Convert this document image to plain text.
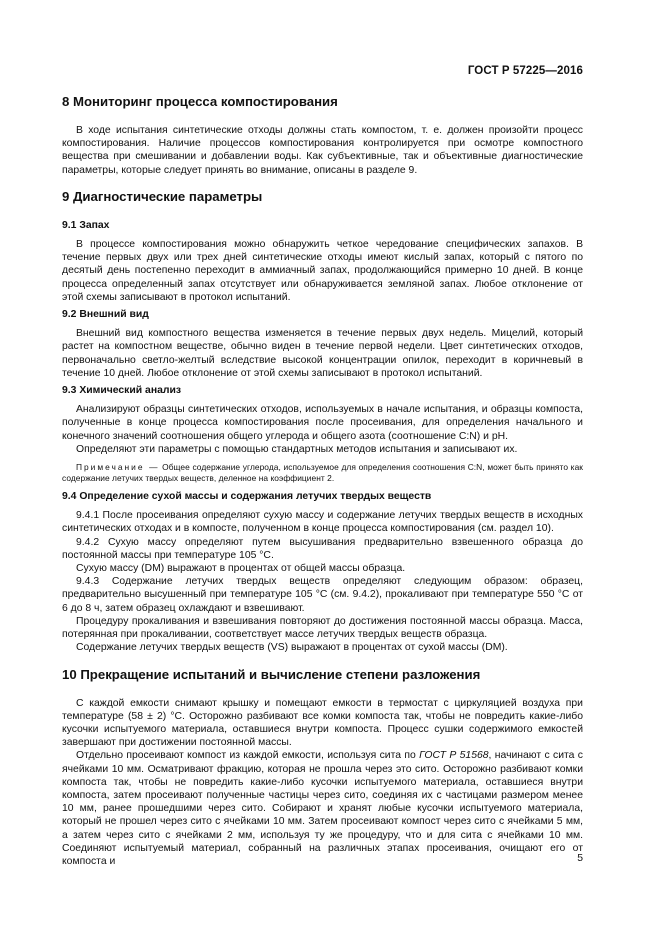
ГОСТ Р 57225—2016
8 Мониторинг процесса компостирования

В ходе испытания синтетические отходы должны стать компостом, т. е. должен произойти процесс компостирования. Наличие процессов компостирования контролируется при осмотре компостного вещества при смешивании и добавлении воды. Как субъективные, так и объективные диагностические параметры, которые следует принять во внимание, описаны в разделе 9.

9 Диагностические параметры
9.1 Запах

В процессе компостирования можно обнаружить четкое чередование специфических запахов. В течение первых двух или трех дней синтетические отходы имеют кислый запах, который с пятого по десятый день постепенно переходит в аммиачный запах, продолжающийся примерно 10 дней. В конце процесса определенный запах отсутствует или обнаруживается земляной запах. Любое отклонение от этой схемы записывают в протокол испытаний.

9.2 Внешний вид

Внешний вид компостного вещества изменяется в течение первых двух недель. Мицелий, который растет на компостном веществе, обычно виден в течение первой недели. Цвет синтетических отходов, первоначально светло-желтый вследствие высокой концентрации опилок, переходит в коричневый в течение 10 дней. Любое отклонение от этой схемы записывают в протокол испытаний.

9.3 Химический анализ

Анализируют образцы синтетических отходов, используемых в начале испытания, и образцы компоста, полученные в конце процесса компостирования после просеивания, для определения начального и конечного значений соотношения общего углерода и общего азота (соотношение C:N) и pH.

Определяют эти параметры с помощью стандартных методов испытания и записывают их.

Примечание — Общее содержание углерода, используемое для определения соотношения C:N, может быть принято как содержание летучих твердых веществ, деленное на коэффициент 2.

9.4 Определение сухой массы и содержания летучих твердых веществ

9.4.1 После просеивания определяют сухую массу и содержание летучих твердых веществ в исходных синтетических отходах и в компосте, полученном в конце процесса компостирования (см. раздел 10).

9.4.2 Сухую массу определяют путем высушивания предварительно взвешенного образца до постоянной массы при температуре 105 °С.

Сухую массу (DM) выражают в процентах от общей массы образца.

9.4.3 Содержание летучих твердых веществ определяют следующим образом: образец, предварительно высушенный при температуре 105 °С (см. 9.4.2), прокаливают при температуре 550 °С от 6 до 8 ч, затем образец охлаждают и взвешивают.

Процедуру прокаливания и взвешивания повторяют до достижения постоянной массы образца. Масса, потерянная при прокаливании, соответствует массе летучих твердых веществ образца.

Содержание летучих твердых веществ (VS) выражают в процентах от сухой массы (DM).

10 Прекращение испытаний и вычисление степени разложения

С каждой емкости снимают крышку и помещают емкости в термостат с циркуляцией воздуха при температуре (58 ± 2) °С. Осторожно разбивают все комки компоста так, чтобы не повредить какие-либо кусочки испытуемого материала, оставшиеся внутри компоста. Процесс сушки содержимого емкостей завершают при достижении постоянной массы.

Отдельно просеивают компост из каждой емкости, используя сита по ГОСТ Р 51568, начинают с сита с ячейками 10 мм. Осматривают фракцию, которая не прошла через это сито. Осторожно разбивают комки компоста так, чтобы не повредить какие-либо кусочки испытуемого материала, оставшиеся внутри компоста, затем просеивают полученные частицы через сито, соединяя их с частицами размером менее 10 мм, ранее прошедшими через сито. Собирают и хранят любые кусочки испытуемого материала, который не прошел через сито с ячейками 10 мм. Затем просеивают компост через сито с ячейками 5 мм, а затем через сито с ячейками 2 мм, используя ту же процедуру, что и для сита с ячейками 10 мм. Соединяют испытуемый материал, собранный на различных этапах просеивания, очищают его от компоста и	5
